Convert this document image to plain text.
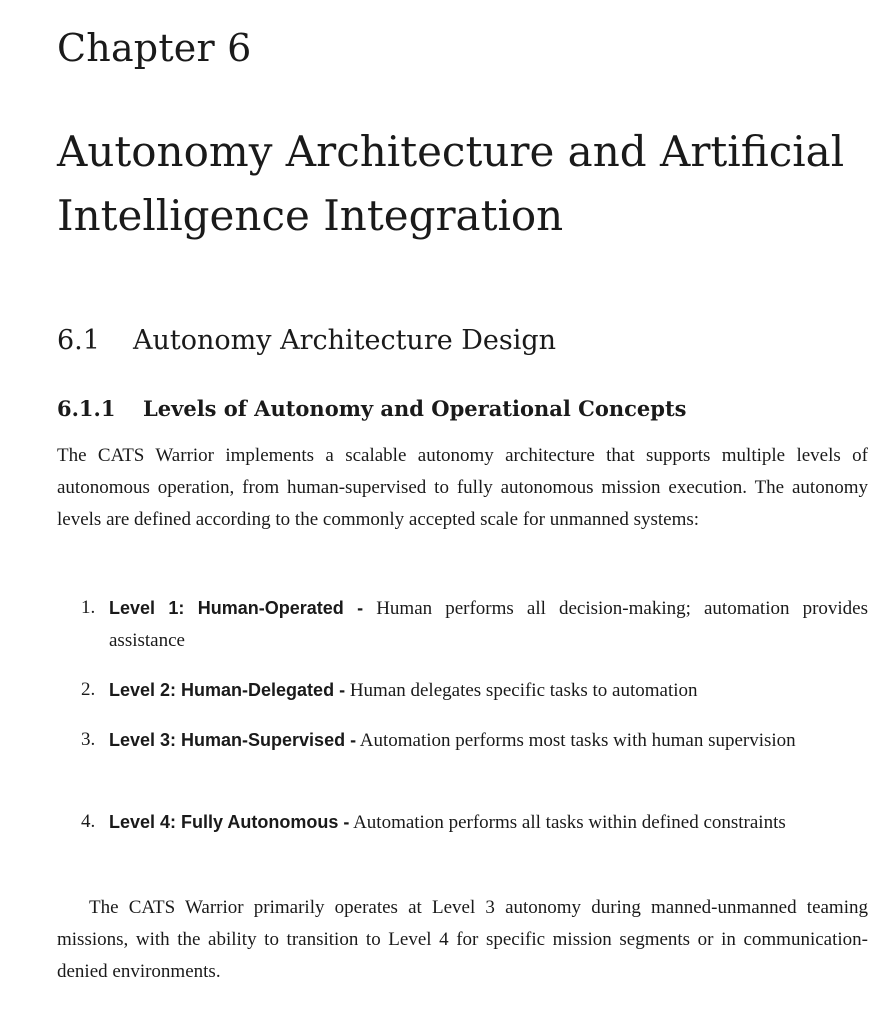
Chapter 6
Autonomy Architecture and Artificial Intelligence Integration
6.1 Autonomy Architecture Design
6.1.1 Levels of Autonomy and Operational Concepts

The CATS Warrior implements a scalable autonomy architecture that supports multiple levels of autonomous operation, from human-supervised to fully autonomous mission execution. The autonomy levels are defined according to the commonly accepted scale for unmanned systems:

1. Level 1: Human-Operated - Human performs all decision-making; automation provides assistance

2. Level 2: Human-Delegated - Human delegates specific tasks to automation

3. Level 3: Human-Supervised - Automation performs most tasks with human supervision

4. Level 4: Fully Autonomous - Automation performs all tasks within defined constraints

The CATS Warrior primarily operates at Level 3 autonomy during manned-unmanned teaming missions, with the ability to transition to Level 4 for specific mission segments or in communication-denied environments.
